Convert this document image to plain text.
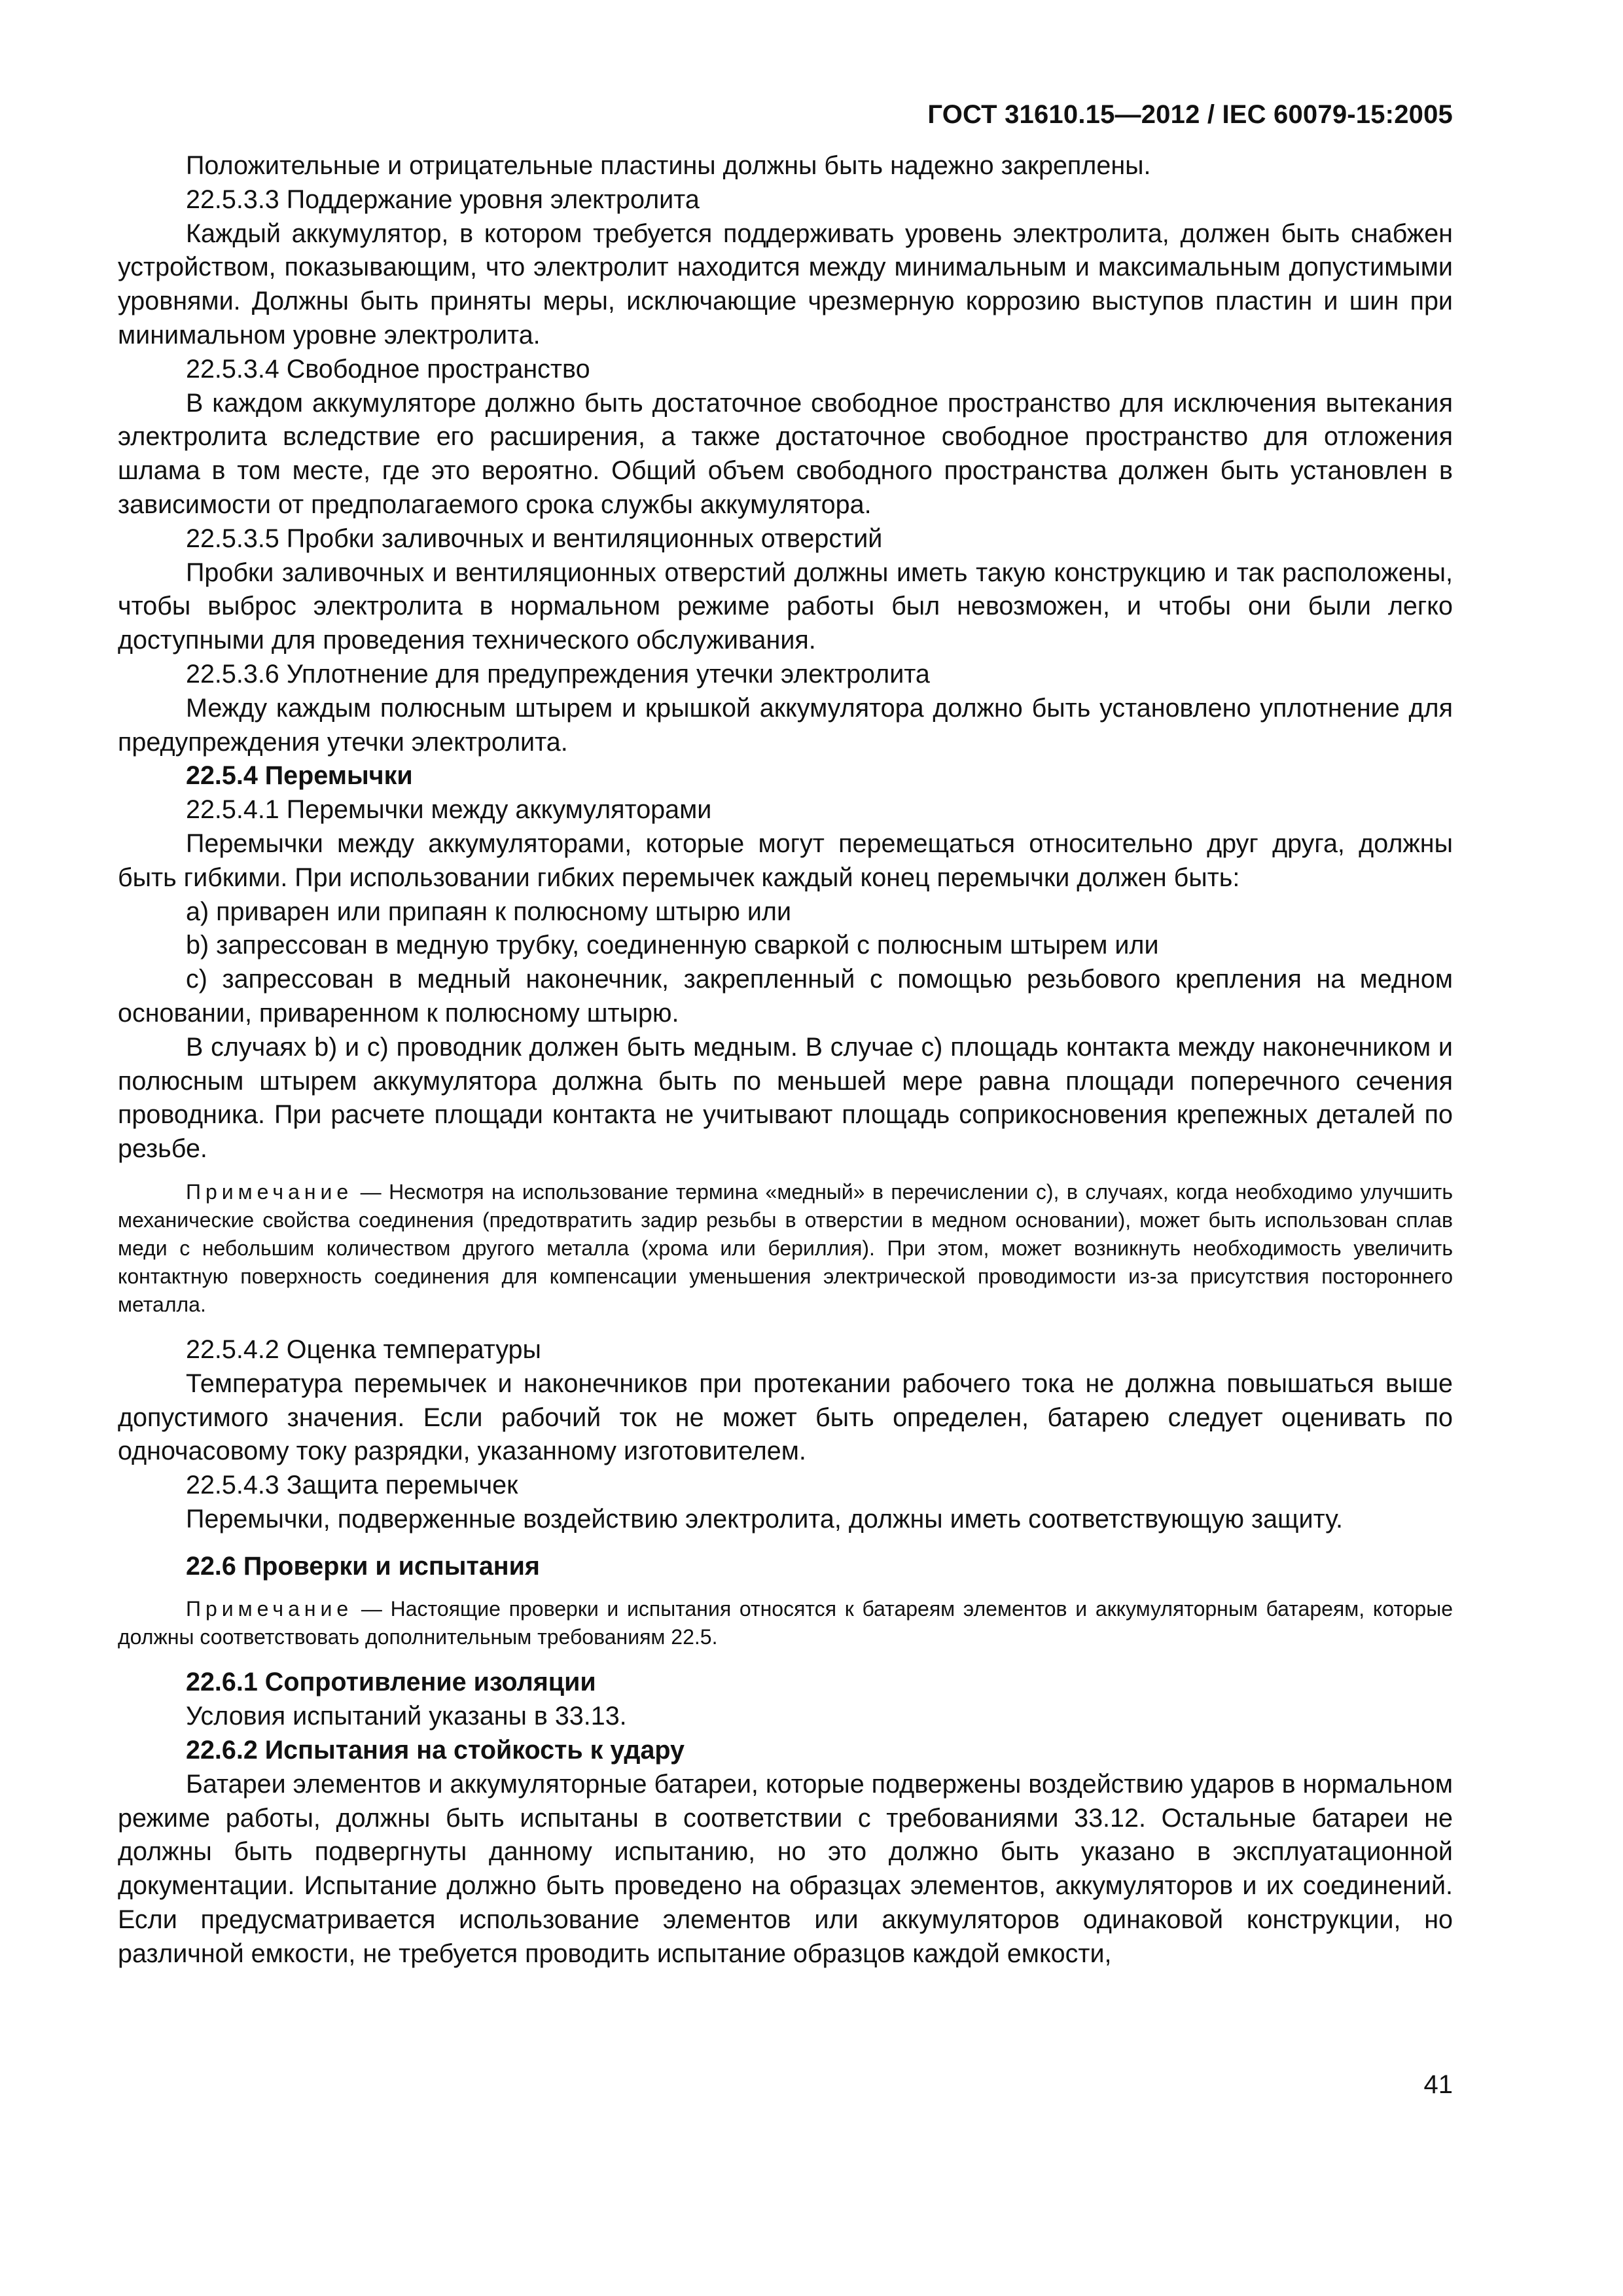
ГОСТ 31610.15—2012 / IEC 60079-15:2005

Положительные и отрицательные пластины должны быть надежно закреплены.

22.5.3.3 Поддержание уровня электролита

Каждый аккумулятор, в котором требуется поддерживать уровень электролита, должен быть снабжен устройством, показывающим, что электролит находится между минимальным и максимальным допустимыми уровнями. Должны быть приняты меры, исключающие чрезмерную коррозию выступов пластин и шин при минимальном уровне электролита.

22.5.3.4 Свободное пространство

В каждом аккумуляторе должно быть достаточное свободное пространство для исключения вытекания электролита вследствие его расширения, а также достаточное свободное пространство для отложения шлама в том месте, где это вероятно. Общий объем свободного пространства должен быть установлен в зависимости от предполагаемого срока службы аккумулятора.

22.5.3.5 Пробки заливочных и вентиляционных отверстий

Пробки заливочных и вентиляционных отверстий должны иметь такую конструкцию и так расположены, чтобы выброс электролита в нормальном режиме работы был невозможен, и чтобы они были легко доступными для проведения технического обслуживания.

22.5.3.6 Уплотнение для предупреждения утечки электролита

Между каждым полюсным штырем и крышкой аккумулятора должно быть установлено уплотнение для предупреждения утечки электролита.

22.5.4 Перемычки

22.5.4.1 Перемычки между аккумуляторами

Перемычки между аккумуляторами, которые могут перемещаться относительно друг друга, должны быть гибкими. При использовании гибких перемычек каждый конец перемычки должен быть:

а) приварен или припаян к полюсному штырю или

b) запрессован в медную трубку, соединенную сваркой с полюсным штырем или

с) запрессован в медный наконечник, закрепленный с помощью резьбового крепления на медном основании, приваренном к полюсному штырю.

В случаях b) и с) проводник должен быть медным. В случае с) площадь контакта между наконечником и полюсным штырем аккумулятора должна быть по меньшей мере равна площади поперечного сечения проводника. При расчете площади контакта не учитывают площадь соприкосновения крепежных деталей по резьбе.

Примечание — Несмотря на использование термина «медный» в перечислении с), в случаях, когда необходимо улучшить механические свойства соединения (предотвратить задир резьбы в отверстии в медном основании), может быть использован сплав меди с небольшим количеством другого металла (хрома или бериллия). При этом, может возникнуть необходимость увеличить контактную поверхность соединения для компенсации уменьшения электрической проводимости из-за присутствия постороннего металла.

22.5.4.2 Оценка температуры

Температура перемычек и наконечников при протекании рабочего тока не должна повышаться выше допустимого значения. Если рабочий ток не может быть определен, батарею следует оценивать по одночасовому току разрядки, указанному изготовителем.

22.5.4.3 Защита перемычек

Перемычки, подверженные воздействию электролита, должны иметь соответствующую защиту.

22.6 Проверки и испытания

Примечание — Настоящие проверки и испытания относятся к батареям элементов и аккумуляторным батареям, которые должны соответствовать дополнительным требованиям 22.5.

22.6.1 Сопротивление изоляции

Условия испытаний указаны в 33.13.

22.6.2 Испытания на стойкость к удару

Батареи элементов и аккумуляторные батареи, которые подвержены воздействию ударов в нормальном режиме работы, должны быть испытаны в соответствии с требованиями 33.12. Остальные батареи не должны быть подвергнуты данному испытанию, но это должно быть указано в эксплуатационной документации. Испытание должно быть проведено на образцах элементов, аккумуляторов и их соединений. Если предусматривается использование элементов или аккумуляторов одинаковой конструкции, но различной емкости, не требуется проводить испытание образцов каждой емкости,

41
